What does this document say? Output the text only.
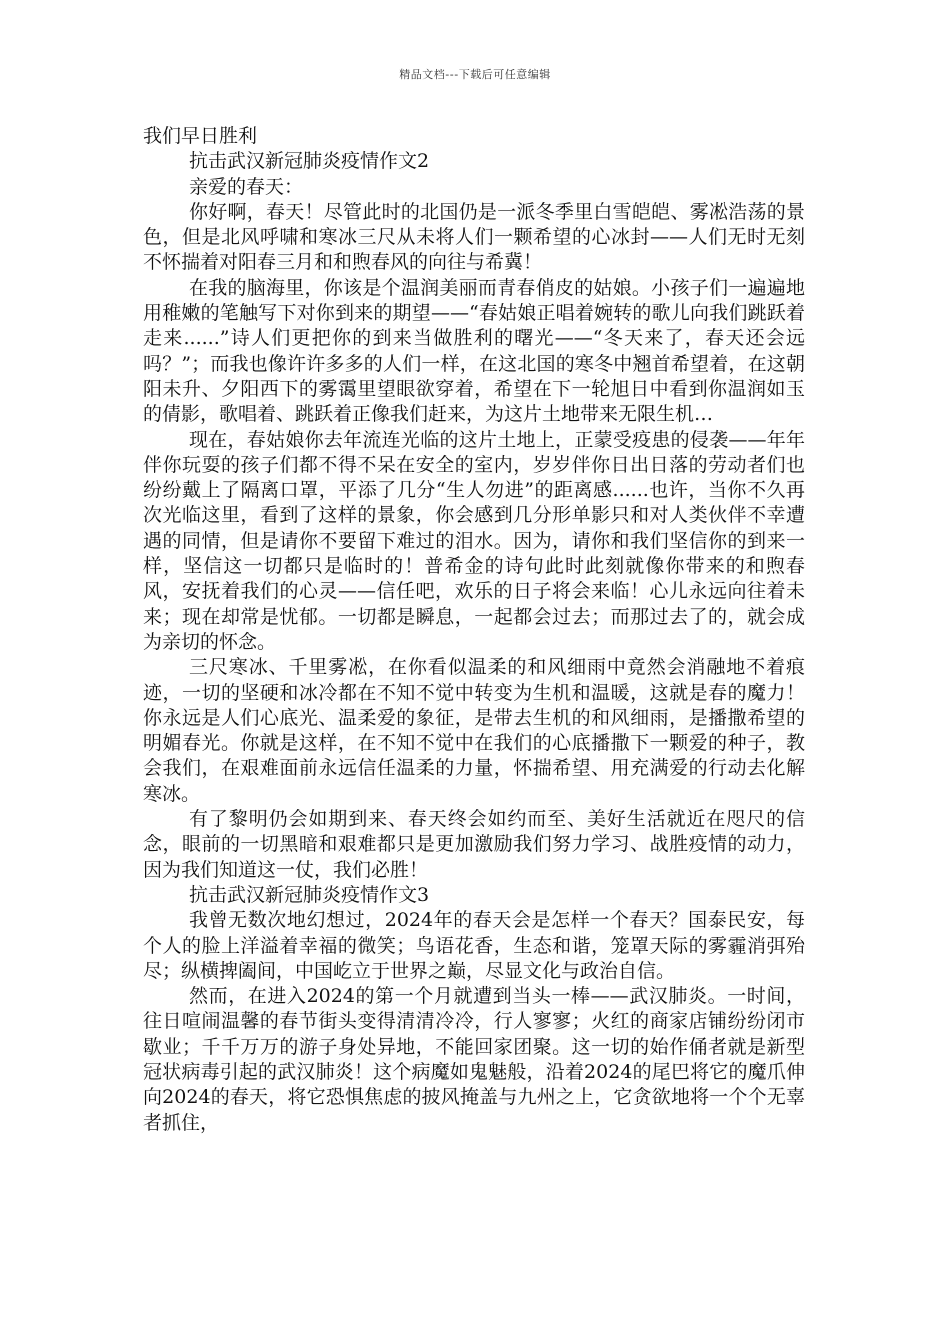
精品文档---下载后可任意编辑

我们早日胜利

抗击武汉新冠肺炎疫情作文2

亲爱的春天：

你好啊，春天！尽管此时的北国仍是一派冬季里白雪皑皑、雾凇浩荡的景色，但是北风呼啸和寒冰三尺从未将人们一颗希望的心冰封——人们无时无刻不怀揣着对阳春三月和和煦春风的向往与希冀！

在我的脑海里，你该是个温润美丽而青春俏皮的姑娘。小孩子们一遍遍地用稚嫩的笔触写下对你到来的期望——“春姑娘正唱着婉转的歌儿向我们跳跃着走来......”诗人们更把你的到来当做胜利的曙光——“冬天来了，春天还会远吗？”；而我也像许许多多的人们一样，在这北国的寒冬中翘首希望着，在这朝阳未升、夕阳西下的雾霭里望眼欲穿着，希望在下一轮旭日中看到你温润如玉的倩影，歌唱着、跳跃着正像我们赶来，为这片土地带来无限生机…

现在，春姑娘你去年流连光临的这片土地上，正蒙受疫患的侵袭——年年伴你玩耍的孩子们都不得不呆在安全的室内，岁岁伴你日出日落的劳动者们也纷纷戴上了隔离口罩，平添了几分“生人勿进”的距离感......也许，当你不久再次光临这里，看到了这样的景象，你会感到几分形单影只和对人类伙伴不幸遭遇的同情，但是请你不要留下难过的泪水。因为，请你和我们坚信你的到来一样，坚信这一切都只是临时的！普希金的诗句此时此刻就像你带来的和煦春风，安抚着我们的心灵——信任吧，欢乐的日子将会来临！心儿永远向往着未来；现在却常是忧郁。一切都是瞬息，一起都会过去；而那过去了的，就会成为亲切的怀念。

三尺寒冰、千里雾凇，在你看似温柔的和风细雨中竟然会消融地不着痕迹，一切的坚硬和冰冷都在不知不觉中转变为生机和温暖，这就是春的魔力！你永远是人们心底光、温柔爱的象征，是带去生机的和风细雨，是播撒希望的明媚春光。你就是这样，在不知不觉中在我们的心底播撒下一颗爱的种子，教会我们，在艰难面前永远信任温柔的力量，怀揣希望、用充满爱的行动去化解寒冰。

有了黎明仍会如期到来、春天终会如约而至、美好生活就近在咫尺的信念，眼前的一切黑暗和艰难都只是更加激励我们努力学习、战胜疫情的动力，因为我们知道这一仗，我们必胜！

抗击武汉新冠肺炎疫情作文3

我曾无数次地幻想过，2024年的春天会是怎样一个春天？国泰民安，每个人的脸上洋溢着幸福的微笑；鸟语花香，生态和谐，笼罩天际的雾霾消弭殆尽；纵横捭阖间，中国屹立于世界之巅，尽显文化与政治自信。

然而，在进入2024的第一个月就遭到当头一棒——武汉肺炎。一时间，往日喧闹温馨的春节街头变得清清冷冷，行人寥寥；火红的商家店铺纷纷闭市歇业；千千万万的游子身处异地，不能回家团聚。这一切的始作俑者就是新型冠状病毒引起的武汉肺炎！这个病魔如鬼魅般，沿着2024的尾巴将它的魔爪伸向2024的春天，将它恐惧焦虑的披风掩盖与九州之上，它贪欲地将一个个无辜者抓住，
